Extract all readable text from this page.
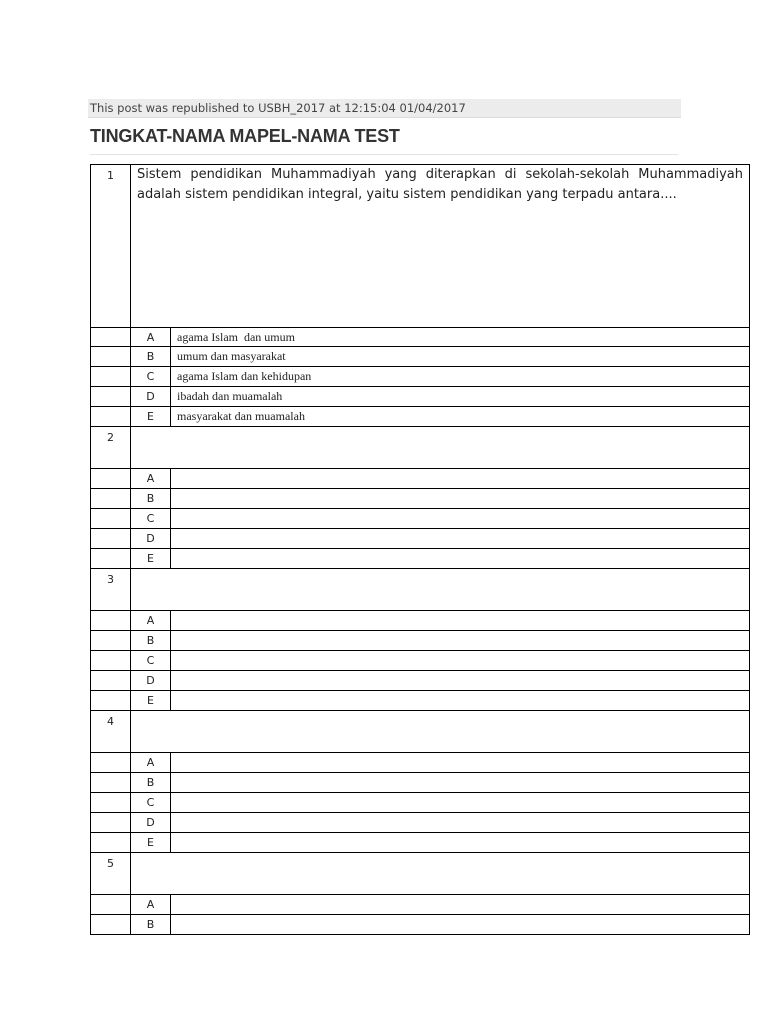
This post was republished to USBH_2017 at 12:15:04 01/04/2017
TINGKAT-NAMA MAPEL-NAMA TEST
1	Sistem pendidikan Muhammadiyah yang diterapkan di sekolah-sekolah Muhammadiyah adalah sistem pendidikan integral, yaitu sistem pendidikan yang terpadu antara....	
	A	agama Islam  dan umum
	B	umum dan masyarakat
	C	agama Islam dan kehidupan
	D	ibadah dan muamalah
	E	masyarakat dan muamalah
2		
	A	
	B	
	C	
	D	
	E	
3		
	A	
	B	
	C	
	D	
	E	
4		
	A	
	B	
	C	
	D	
	E	
5		
	A	
	B	
